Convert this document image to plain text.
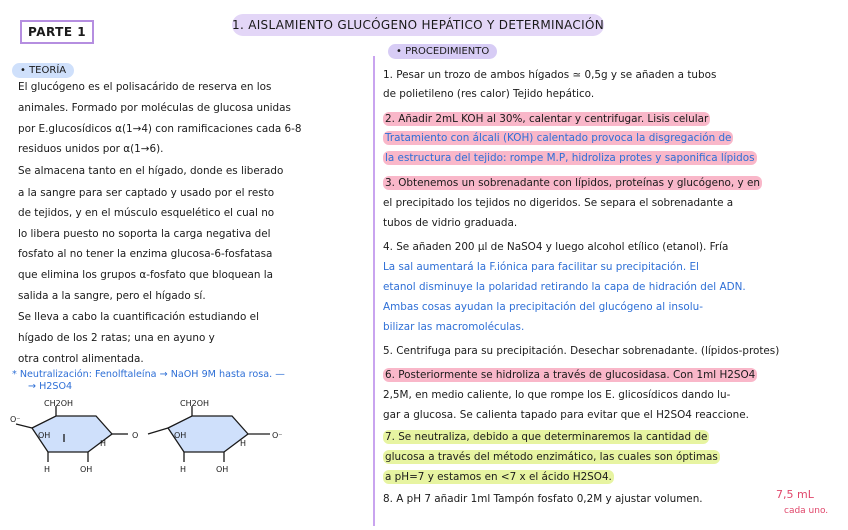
PARTE 1	1. AISLAMIENTO GLUCÓGENO HEPÁTICO Y DETERMINACIÓN
• TEORÍA
El glucógeno es el polisacárido de reserva en los
animales. Formado por moléculas de glucosa unidas
por E.glucosídicos α(1→4) con ramificaciones cada 6-8
residuos unidos por α(1→6).
Se almacena tanto en el hígado, donde es liberado
a la sangre para ser captado y usado por el resto
de tejidos, y en el músculo esquelético el cual no
lo libera puesto no soporta la carga negativa del
fosfato al no tener la enzima glucosa-6-fosfatasa
que elimina los grupos α-fosfato que bloquean la
salida a la sangre, pero el hígado sí.
Se lleva a cabo la cuantificación estudiando el
hígado de los 2 ratas; una en ayuno y
otra control alimentada.
* Neutralización: Fenolftaleína → NaOH 9M hasta rosa. —
→ H2SO4
O⁻
CH2OH
OH
H	OH
H
O
CH2OH
OH
H	OH
H
O⁻
• PROCEDIMIENTO
1. Pesar un trozo de ambos hígados ≃ 0,5g y se añaden a tubos
de polietileno (res calor) Tejido hepático.
2. Añadir 2mL KOH al 30%, calentar y centrifugar. Lisis celular
Tratamiento con álcali (KOH) calentado provoca la disgregación de
la estructura del tejido: rompe M.P, hidroliza protes y saponifica lípidos
3. Obtenemos un sobrenadante con lípidos, proteínas y glucógeno, y en
el precipitado los tejidos no digeridos. Se separa el sobrenadante a
tubos de vidrio graduada.
4. Se añaden 200 µl de NaSO4 y luego alcohol etílico (etanol). Fría
La sal aumentará la F.iónica para facilitar su precipitación. El
etanol disminuye la polaridad retirando la capa de hidración del ADN.
Ambas cosas ayudan la precipitación del glucógeno al insolu-
bilizar las macromoléculas.
5. Centrifuga para su precipitación. Desechar sobrenadante. (lípidos-protes)
6. Posteriormente se hidroliza a través de glucosidasa. Con 1ml H2SO4
2,5M, en medio caliente, lo que rompe los E. glicosídicos dando lu-
gar a glucosa. Se calienta tapado para evitar que el H2SO4 reaccione.
7. Se neutraliza, debido a que determinaremos la cantidad de
glucosa a través del método enzimático, las cuales son óptimas
a pH=7 y estamos en <7 x el ácido H2SO4.
8. A pH 7 añadir 1ml Tampón fosfato 0,2M y ajustar volumen.	7,5 mL
cada uno.
